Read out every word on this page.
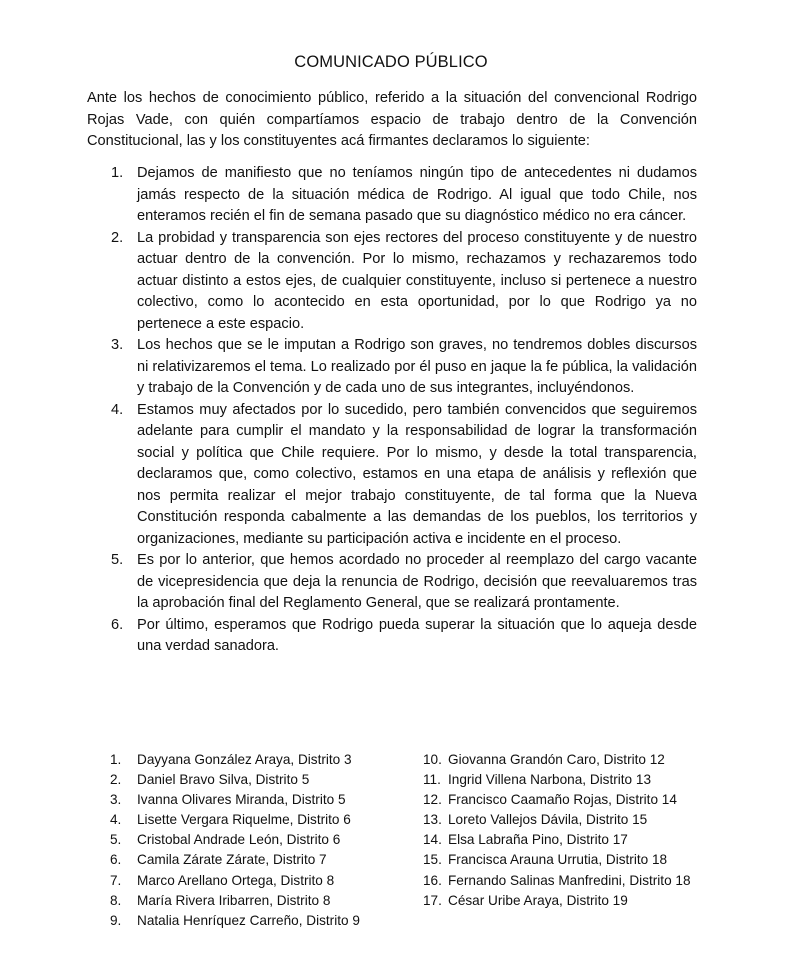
COMUNICADO PÚBLICO

Ante los hechos de conocimiento público, referido a la situación del convencional Rodrigo Rojas Vade, con quién compartíamos espacio de trabajo dentro de la Convención Constitucional, las y los constituyentes acá firmantes declaramos lo siguiente:

1. Dejamos de manifiesto que no teníamos ningún tipo de antecedentes ni dudamos jamás respecto de la situación médica de Rodrigo. Al igual que todo Chile, nos enteramos recién el fin de semana pasado que su diagnóstico médico no era cáncer.
2. La probidad y transparencia son ejes rectores del proceso constituyente y de nuestro actuar dentro de la convención. Por lo mismo, rechazamos y rechazaremos todo actuar distinto a estos ejes, de cualquier constituyente, incluso si pertenece a nuestro colectivo, como lo acontecido en esta oportunidad, por lo que Rodrigo ya no pertenece a este espacio.
3. Los hechos que se le imputan a Rodrigo son graves, no tendremos dobles discursos ni relativizaremos el tema. Lo realizado por él puso en jaque la fe pública, la validación y trabajo de la Convención y de cada uno de sus integrantes, incluyéndonos.
4. Estamos muy afectados por lo sucedido, pero también convencidos que seguiremos adelante para cumplir el mandato y la responsabilidad de lograr la transformación social y política que Chile requiere. Por lo mismo, y desde la total transparencia, declaramos que, como colectivo, estamos en una etapa de análisis y reflexión que nos permita realizar el mejor trabajo constituyente, de tal forma que la Nueva Constitución responda cabalmente a las demandas de los pueblos, los territorios y organizaciones, mediante su participación activa e incidente en el proceso.
5. Es por lo anterior, que hemos acordado no proceder al reemplazo del cargo vacante de vicepresidencia que deja la renuncia de Rodrigo, decisión que reevaluaremos tras la aprobación final del Reglamento General, que se realizará prontamente.
6. Por último, esperamos que Rodrigo pueda superar la situación que lo aqueja desde una verdad sanadora.
1. Dayyana González Araya, Distrito 3
2. Daniel Bravo Silva, Distrito 5
3. Ivanna Olivares Miranda, Distrito 5
4. Lisette Vergara Riquelme, Distrito 6
5. Cristobal Andrade León, Distrito 6
6. Camila Zárate Zárate, Distrito 7
7. Marco Arellano Ortega, Distrito 8
8. María Rivera Iribarren, Distrito 8
9. Natalia Henríquez Carreño, Distrito 9
10. Giovanna Grandón Caro, Distrito 12
11. Ingrid Villena Narbona, Distrito 13
12. Francisco Caamaño Rojas, Distrito 14
13. Loreto Vallejos Dávila, Distrito 15
14. Elsa Labraña Pino, Distrito 17
15. Francisca Arauna Urrutia, Distrito 18
16. Fernando Salinas Manfredini, Distrito 18
17. César Uribe Araya, Distrito 19
